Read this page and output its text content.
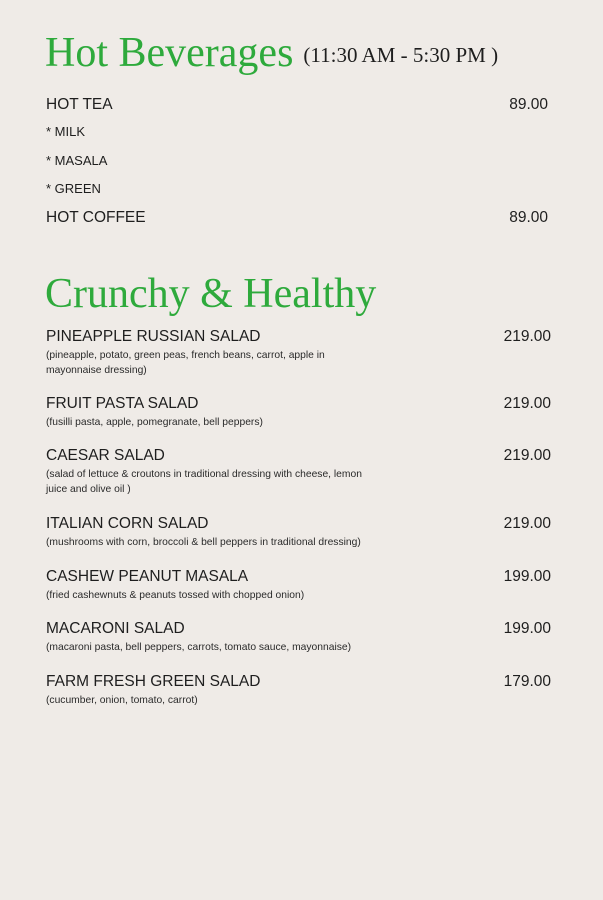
Hot Beverages (11:30 AM - 5:30 PM )
HOT TEA	89.00
* MILK
* MASALA
* GREEN
HOT COFFEE	89.00
Crunchy & Healthy
PINEAPPLE RUSSIAN SALAD
(pineapple, potato, green peas, french beans, carrot, apple in mayonnaise dressing)
219.00
FRUIT PASTA SALAD
(fusilli pasta, apple, pomegranate, bell peppers)
219.00
CAESAR SALAD
(salad of lettuce & croutons in traditional dressing with cheese, lemon juice and olive oil )
219.00
ITALIAN CORN SALAD
(mushrooms with corn, broccoli & bell peppers in traditional dressing)
219.00
CASHEW PEANUT MASALA
(fried cashewnuts & peanuts tossed with chopped onion)
199.00
MACARONI SALAD
(macaroni pasta, bell peppers, carrots, tomato sauce, mayonnaise)
199.00
FARM FRESH GREEN SALAD
(cucumber, onion, tomato, carrot)
179.00
